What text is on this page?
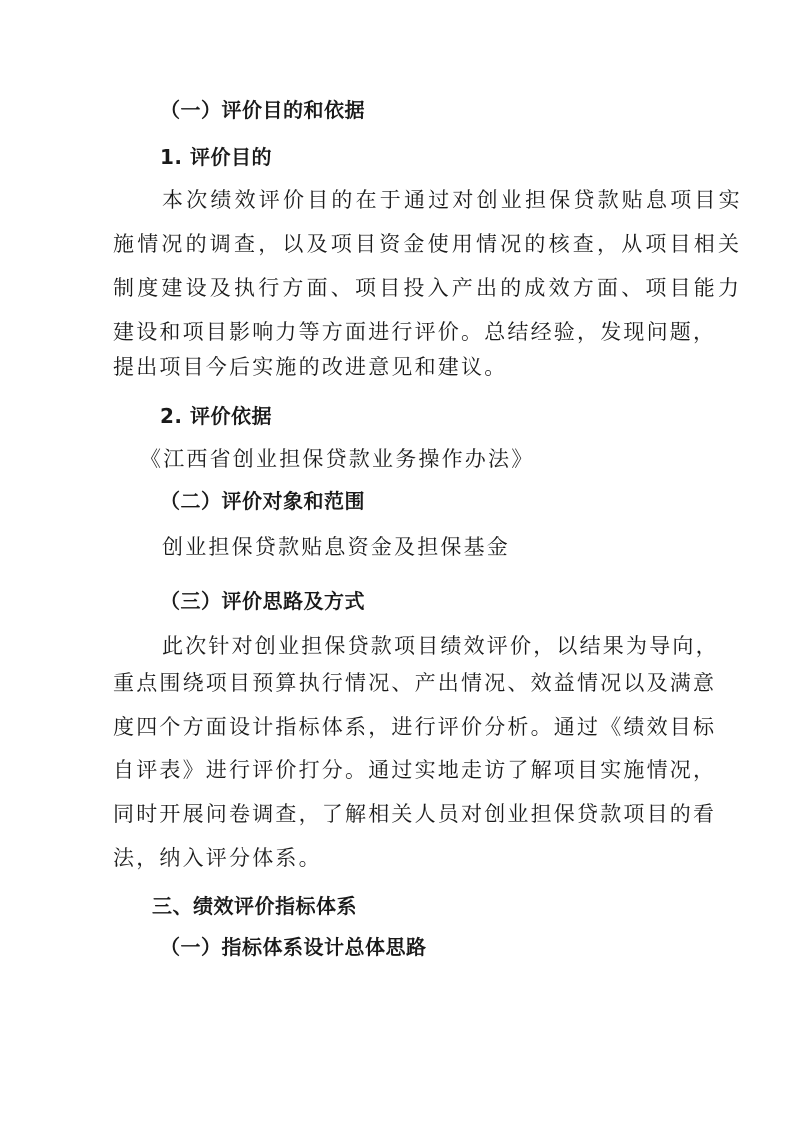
（一）评价目的和依据
1. 评价目的
本次绩效评价目的在于通过对创业担保贷款贴息项目实
施情况的调查，以及项目资金使用情况的核查，从项目相关
制度建设及执行方面、项目投入产出的成效方面、项目能力
建设和项目影响力等方面进行评价。总结经验，发现问题，
提出项目今后实施的改进意见和建议。
2. 评价依据
《江西省创业担保贷款业务操作办法》
（二）评价对象和范围
创业担保贷款贴息资金及担保基金
（三）评价思路及方式
此次针对创业担保贷款项目绩效评价，以结果为导向，
重点围绕项目预算执行情况、产出情况、效益情况以及满意
度四个方面设计指标体系，进行评价分析。通过《绩效目标
自评表》进行评价打分。通过实地走访了解项目实施情况，
同时开展问卷调查，了解相关人员对创业担保贷款项目的看
法，纳入评分体系。
三、绩效评价指标体系
（一）指标体系设计总体思路
